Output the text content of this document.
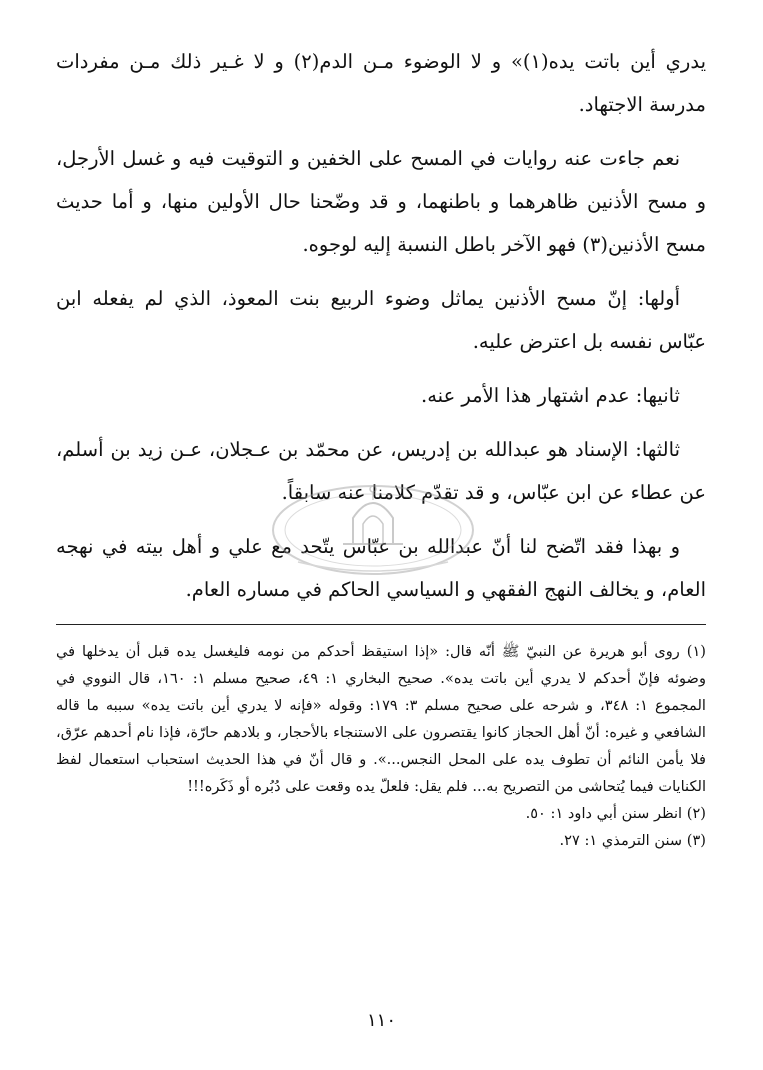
يدري أين باتت يده(١)» و لا الوضوء مـن الدم(٢) و لا غـير ذلك مـن مفردات مدرسة الاجتهاد.

نعم جاءت عنه روايات في المسح على الخفين و التوقيت فيه و غسل الأرجل، و مسح الأذنين ظاهرهما و باطنهما، و قد وضّحنا حال الأولين منها، و أما حديث مسح الأذنين(٣) فهو الآخر باطل النسبة إليه لوجوه.

أولها: إنّ مسح الأذنين يماثل وضوء الربيع بنت المعوذ، الذي لم يفعله ابن عبّاس نفسه بل اعترض عليه.

ثانيها: عدم اشتهار هذا الأمر عنه.

ثالثها: الإسناد هو عبدالله بن إدريس، عن محمّد بن عـجلان، عـن زيد بن أسلم، عن عطاء عن ابن عبّاس، و قد تقدّم كلامنا عنه سابقاً.

و بهذا فقد اتّضح لنا أنّ عبدالله بن عبّاس يتّحد مع علي و أهل بيته في نهجه العام، و يخالف النهج الفقهي و السياسي الحاكم في مساره العام.

(١) روى أبو هريرة عن النبيّ ﷺ أنّه قال: «إذا استيقظ أحدكم من نومه فليغسل يده قبل أن يدخلها في وضوئه فإنّ أحدكم لا يدري أين باتت يده». صحيح البخاري ١: ٤٩، صحيح مسلم ١: ١٦٠، قال النووي في المجموع ١: ٣٤٨، و شرحه على صحيح مسلم ٣: ١٧٩: وقوله «فإنه لا يدري أين باتت يده» سببه ما قاله الشافعي و غيره: أنّ أهل الحجاز كانوا يقتصرون على الاستنجاء بالأحجار، و بلادهم حارّة، فإذا نام أحدهم عرّق، فلا يأمن النائم أن تطوف يده على المحل النجس...». و قال أنّ في هذا الحديث استحباب استعمال لفظ الكنايات فيما يُتحاشى من التصريح به... فلم يقل: فلعلّ يده وقعت على دُبُره أو ذَكَره!!!

(٢) انظر سنن أبي داود ١: ٥٠.

(٣) سنن الترمذي ١: ٢٧.

١١٠
